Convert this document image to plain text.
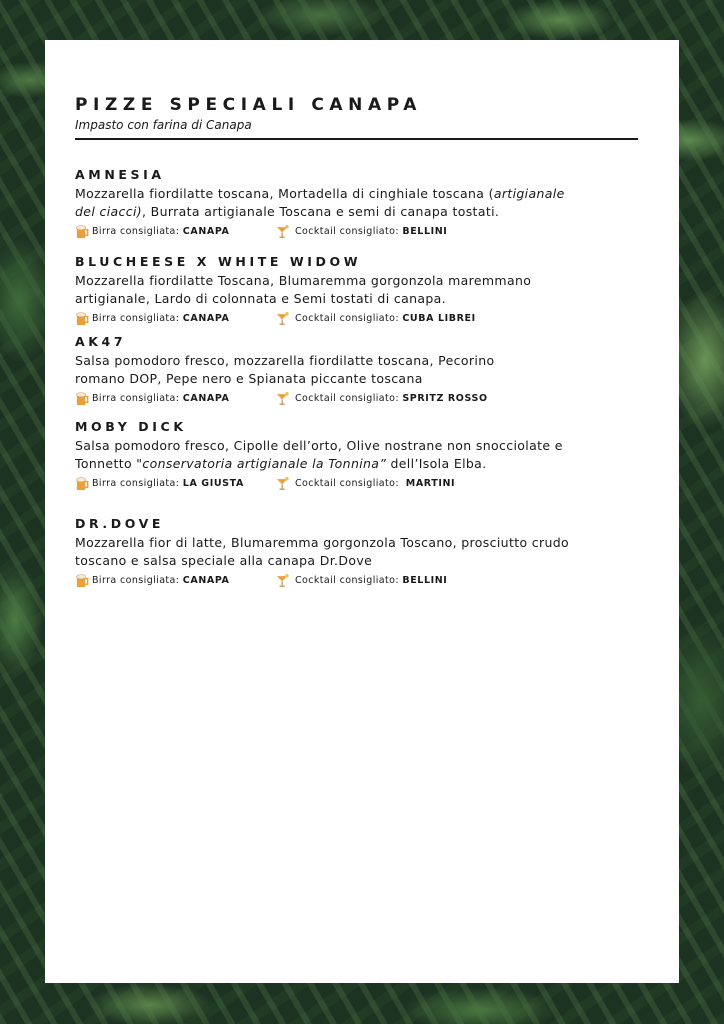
PIZZE SPECIALI CANAPA

Impasto con farina di Canapa

AMNESIA

Mozzarella fiordilatte toscana, Mortadella di cinghiale toscana (artigianale del ciacci), Burrata artigianale Toscana e semi di canapa tostati.

Birra consigliata:
CANAPA	Cocktail consigliato:
BELLINI
BLUCHEESE X WHITE WIDOW

Mozzarella fiordilatte Toscana, Blumaremma gorgonzola maremmano artigianale, Lardo di colonnata e Semi tostati di canapa.

Birra consigliata:
CANAPA	Cocktail consigliato:
CUBA LIBREI
AK47

Salsa pomodoro fresco, mozzarella fiordilatte toscana, Pecorino romano DOP, Pepe nero e Spianata piccante toscana

Birra consigliata:
CANAPA	Cocktail consigliato:
SPRITZ ROSSO
MOBY DICK

Salsa pomodoro fresco, Cipolle dell’orto, Olive nostrane non snocciolate e Tonnetto "conservatoria artigianale la Tonnina” dell’Isola Elba.

Birra consigliata:
LA GIUSTA	Cocktail consigliato:
MARTINI
DR.DOVE

Mozzarella fior di latte, Blumaremma gorgonzola Toscano, prosciutto crudo toscano e salsa speciale alla canapa Dr.Dove

Birra consigliata:
CANAPA	Cocktail consigliato:
BELLINI
